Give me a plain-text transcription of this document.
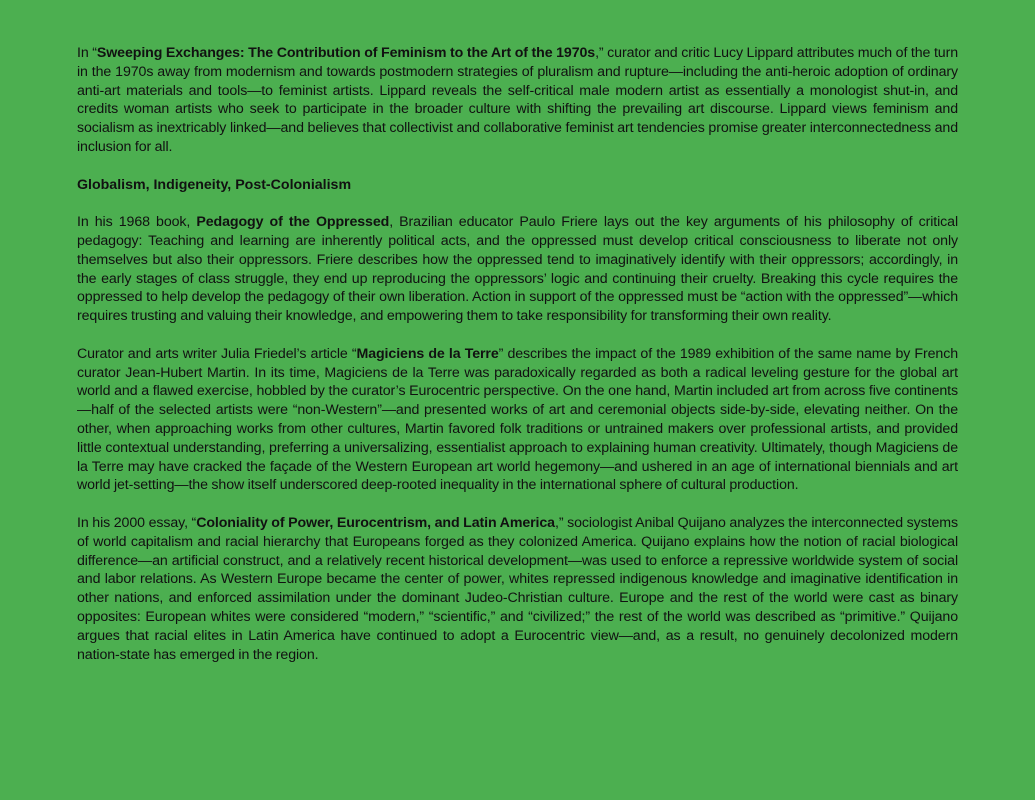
In “Sweeping Exchanges: The Contribution of Feminism to the Art of the 1970s,” curator and critic Lucy Lippard attributes much of the turn in the 1970s away from modernism and towards postmodern strategies of pluralism and rupture—including the anti-heroic adoption of ordinary anti-art materials and tools—to feminist artists. Lippard reveals the self-critical male modern artist as essentially a monologist shut-in, and credits woman artists who seek to participate in the broader culture with shifting the prevailing art discourse. Lippard views feminism and socialism as inextricably linked—and believes that collectivist and collaborative feminist art tendencies promise greater interconnectedness and inclusion for all.

Globalism, Indigeneity, Post-Colonialism

In his 1968 book, Pedagogy of the Oppressed, Brazilian educator Paulo Friere lays out the key arguments of his philosophy of critical pedagogy: Teaching and learning are inherently political acts, and the oppressed must develop critical consciousness to liberate not only themselves but also their oppressors. Friere describes how the oppressed tend to imaginatively identify with their oppressors; accordingly, in the early stages of class struggle, they end up reproducing the oppressors’ logic and continuing their cruelty. Breaking this cycle requires the oppressed to help develop the pedagogy of their own liberation. Action in support of the oppressed must be “action with the oppressed”—which requires trusting and valuing their knowledge, and empowering them to take responsibility for transforming their own reality.

Curator and arts writer Julia Friedel’s article “Magiciens de la Terre” describes the impact of the 1989 exhibition of the same name by French curator Jean-Hubert Martin. In its time, Magiciens de la Terre was paradoxically regarded as both a radical leveling gesture for the global art world and a flawed exercise, hobbled by the curator’s Eurocentric perspective. On the one hand, Martin included art from across five continents—half of the selected artists were “non-Western”—and presented works of art and ceremonial objects side-by-side, elevating neither. On the other, when approaching works from other cultures, Martin favored folk traditions or untrained makers over professional artists, and provided little contextual understanding, preferring a universalizing, essentialist approach to explaining human creativity. Ultimately, though Magiciens de la Terre may have cracked the façade of the Western European art world hegemony—and ushered in an age of international biennials and art world jet-setting—the show itself underscored deep-rooted inequality in the international sphere of cultural production.

In his 2000 essay, “Coloniality of Power, Eurocentrism, and Latin America,” sociologist Anibal Quijano analyzes the interconnected systems of world capitalism and racial hierarchy that Europeans forged as they colonized America. Quijano explains how the notion of racial biological difference—an artificial construct, and a relatively recent historical development—was used to enforce a repressive worldwide system of social and labor relations. As Western Europe became the center of power, whites repressed indigenous knowledge and imaginative identification in other nations, and enforced assimilation under the dominant Judeo-Christian culture. Europe and the rest of the world were cast as binary opposites: European whites were considered “modern,” “scientific,” and “civilized;” the rest of the world was described as “primitive.” Quijano argues that racial elites in Latin America have continued to adopt a Eurocentric view—and, as a result, no genuinely decolonized modern nation-state has emerged in the region.
